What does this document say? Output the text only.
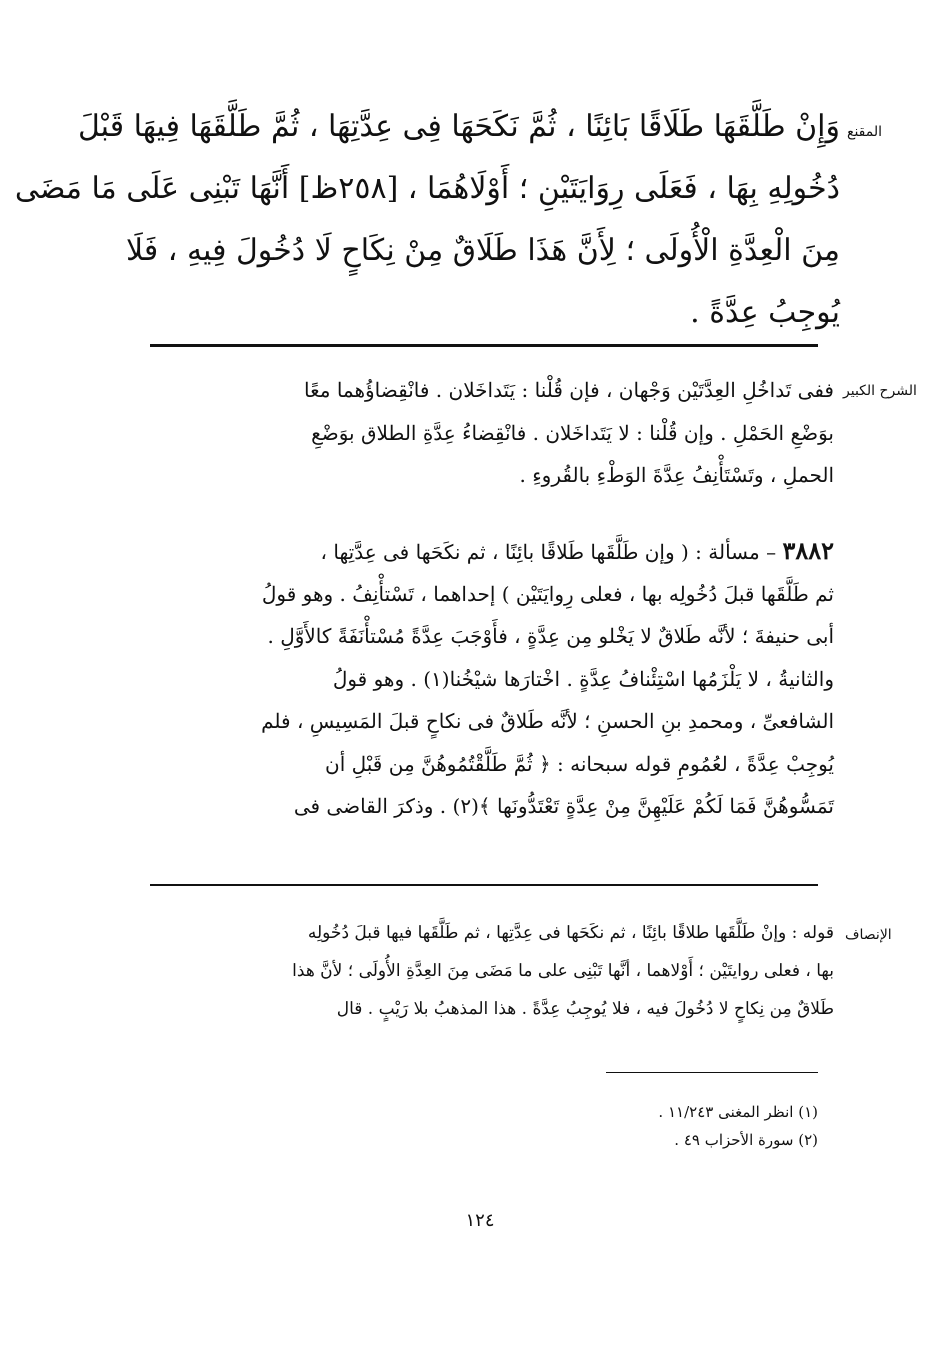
المقنع
وَإِنْ طَلَّقَهَا طَلَاقًا بَائِنًا ، ثُمَّ نَكَحَهَا فِى عِدَّتِهَا ، ثُمَّ طَلَّقَهَا فِيهَا قَبْلَ
دُخُولِهِ بِهَا ، فَعَلَى رِوَايَتَيْنِ ؛ أَوْلَاهُمَا ، [٢٥٨ظ] أَنَّهَا تَبْنِى عَلَى مَا مَضَى
مِنَ الْعِدَّةِ الْأُولَى ؛ لِأَنَّ هَذَا طَلَاقٌ مِنْ نِكَاحٍ لَا دُخُولَ فِيهِ ، فَلَا
يُوجِبُ عِدَّةً .
الشرح الكبير
ففى تَداخُلِ العِدَّتَيْن وَجْهان ، فإن قُلْنا : يَتَداخَلان . فانْقِضاؤُهما معًا
بوَضْعِ الحَمْلِ . وإن قُلْنا : لا يَتَداخَلان . فانْقِضاءُ عِدَّةِ الطلاق بوَضْعِ
الحملِ ، وتَسْتَأْنِفُ عِدَّةَ الوَطْءِ بالقُروءِ .
٣٨٨٢ – مسألة : ( وإن طَلَّقَها طَلاقًا بائِنًا ، ثم نكَحَها فى عِدَّتِها ،
ثم طَلَّقَها قبلَ دُخُولِه بها ، فعلى رِوايَتَيْن ) إحداهما ، تَسْتأْنِفُ . وهو قولُ
أبى حنيفةَ ؛ لأنَّه طَلاقٌ لا يَخْلو مِن عِدَّةٍ ، فأَوْجَبَ عِدَّةً مُسْتأْنَفَةً كالأَوَّلِ .
والثانيةُ ، لا يَلْزَمُها اسْتِئْنافُ عِدَّةٍ . اخْتارَها شيْخُنا(١) . وهو قولُ
الشافعىِّ ، ومحمدِ بنِ الحسنِ ؛ لأنَّه طَلاقٌ فى نكاحٍ قبلَ المَسِيسِ ، فلم
يُوجِبْ عِدَّةً ، لعُمُومِ قوله سبحانه : ﴿ ثُمَّ طَلَّقْتُمُوهُنَّ مِن قَبْلِ أن
تَمَسُّوهُنَّ فَمَا لَكُمْ عَلَيْهِنَّ مِنْ عِدَّةٍ تَعْتَدُّونَها ﴾(٢) . وذكرَ القاضى فى
الإنصاف
قوله : وإنْ طَلَّقَها طلاقًا بائِنًا ، ثم نكَحَها فى عِدَّتِها ، ثم طَلَّقَها فيها قبلَ دُخُولِه
بها ، فعلى روايتَيْن ؛ أَوْلاهما ، أنَّها تَبْنِى على ما مَضَى مِنَ العِدَّةِ الأُولَى ؛ لأنَّ هذا
طَلاقٌ مِن نِكاحٍ لا دُخُولَ فيه ، فلا يُوجِبُ عِدَّةً . هذا المذهبُ بلا رَيْبٍ . قال
(١) انظر المغنى ١١/٢٤٣ .
(٢) سورة الأحزاب ٤٩ .
١٢٤
